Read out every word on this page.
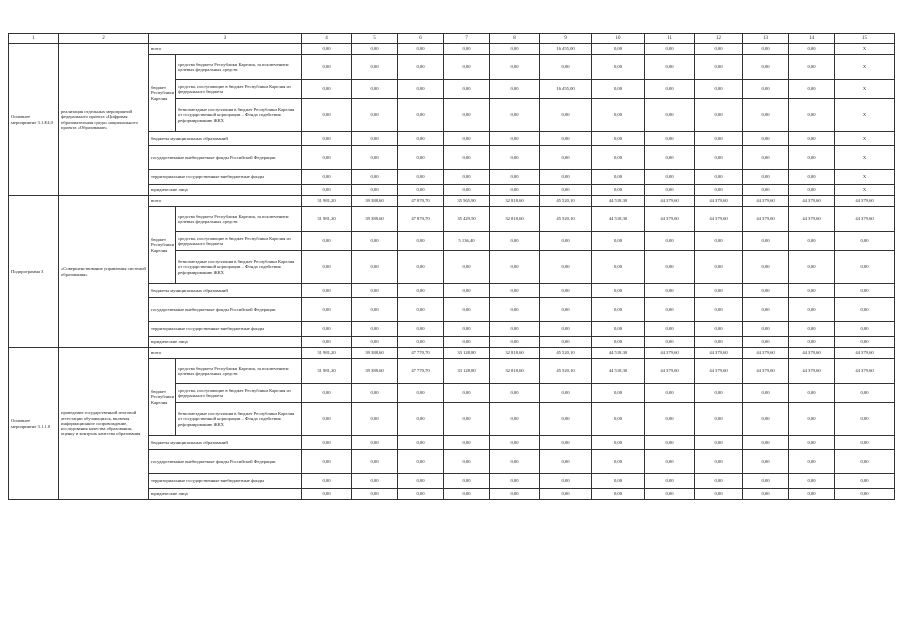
1	2	3		4	5	6	7	8	9	10	11	12	13	14	15
Основное мероприятие 3.1.Е4.0	реализация отдельных мероприятий федерального проекта «Цифровая образовательная среда» национального проекта «Образование»	всего		0,00	0,00	0,00	0,00	0,00	16 455,00	0,00	0,00	0,00	0,00	0,00	X
		бюджет Республики Карелия	средства бюджета Республики Карелия, за исключением целевых федеральных средств	0,00	0,00	0,00	0,00	0,00	0,00	0,00	0,00	0,00	0,00	0,00	X
			средства, поступающие в бюджет Республики Карелия из федерального бюджета	0,00	0,00	0,00	0,00	0,00	16 455,00	0,00	0,00	0,00	0,00	0,00	X
			безвозмездные поступления в бюджет Республики Карелия от государственной корпорации – Фонда содействия реформированию ЖКХ	0,00	0,00	0,00	0,00	0,00	0,00	0,00	0,00	0,00	0,00	0,00	X
		бюджеты муниципальных образований		0,00	0,00	0,00	0,00	0,00	0,00	0,00	0,00	0,00	0,00	0,00	X
		государственные внебюджетные фонды Российской Федерации		0,00	0,00	0,00	0,00	0,00	0,00	0,00	0,00	0,00	0,00	0,00	X
		территориальные государственные внебюджетные фонды		0,00	0,00	0,00	0,00	0,00	0,00	0,00	0,00	0,00	0,00	0,00	X
		юридические лица		0,00	0,00	0,00	0,00	0,00	0,00	0,00	0,00	0,00	0,00	0,00	X
Подпрограмма 3	«Совершенствование управления системой образования»	всего		31 981,20	39 388,60	47 870,70	35 565,90	32 818,60	45 520,10	44 518,30	44 379,60	44 379,60	44 379,60	44 379,60	44 379,60
		бюджет Республики Карелия	средства бюджета Республики Карелия, за исключением целевых федеральных средств	31 981,20	39 388,60	47 870,70	35 429,50	32 818,60	45 520,10	44 518,30	44 379,60	44 379,60	44 379,60	44 379,60	44 379,60
			средства, поступающие в бюджет Республики Карелия из федерального бюджета	0,00	0,00	0,00	5 136,40	0,00	0,00	0,00	0,00	0,00	0,00	0,00	0,00
			безвозмездные поступления в бюджет Республики Карелия от государственной корпорации – Фонда содействия реформированию ЖКХ	0,00	0,00	0,00	0,00	0,00	0,00	0,00	0,00	0,00	0,00	0,00	0,00
		бюджеты муниципальных образований		0,00	0,00	0,00	0,00	0,00	0,00	0,00	0,00	0,00	0,00	0,00	0,00
		государственные внебюджетные фонды Российской Федерации		0,00	0,00	0,00	0,00	0,00	0,00	0,00	0,00	0,00	0,00	0,00	0,00
		территориальные государственные внебюджетные фонды		0,00	0,00	0,00	0,00	0,00	0,00	0,00	0,00	0,00	0,00	0,00	0,00
		юридические лица		0,00	0,00	0,00	0,00	0,00	0,00	0,00	0,00	0,00	0,00	0,00	0,00
Основное мероприятие 3.1.1.0	проведение государственной итоговой аттестации обучающихся, включая информационное сопровождение, исследования качества образования, оценку и контроль качества образования	всего		31 981,20	39 388,60	47 770,70	33 128,80	32 818,60	45 520,10	44 518,30	44 379,60	44 379,60	44 379,60	44 379,60	44 379,60
		бюджет Республики Карелия	средства бюджета Республики Карелия, за исключением целевых федеральных средств	31 981,20	39 388,60	47 770,70	33 128,80	32 818,60	45 520,10	44 518,30	44 379,60	44 379,60	44 379,60	44 379,60	44 379,60
			средства, поступающие в бюджет Республики Карелия из федерального бюджета	0,00	0,00	0,00	0,00	0,00	0,00	0,00	0,00	0,00	0,00	0,00	0,00
			безвозмездные поступления в бюджет Республики Карелия от государственной корпорации – Фонда содействия реформированию ЖКХ	0,00	0,00	0,00	0,00	0,00	0,00	0,00	0,00	0,00	0,00	0,00	0,00
		бюджеты муниципальных образований		0,00	0,00	0,00	0,00	0,00	0,00	0,00	0,00	0,00	0,00	0,00	0,00
		государственные внебюджетные фонды Российской Федерации		0,00	0,00	0,00	0,00	0,00	0,00	0,00	0,00	0,00	0,00	0,00	0,00
		территориальные государственные внебюджетные фонды		0,00	0,00	0,00	0,00	0,00	0,00	0,00	0,00	0,00	0,00	0,00	0,00
		юридические лица		0,00	0,00	0,00	0,00	0,00	0,00	0,00	0,00	0,00	0,00	0,00	0,00
